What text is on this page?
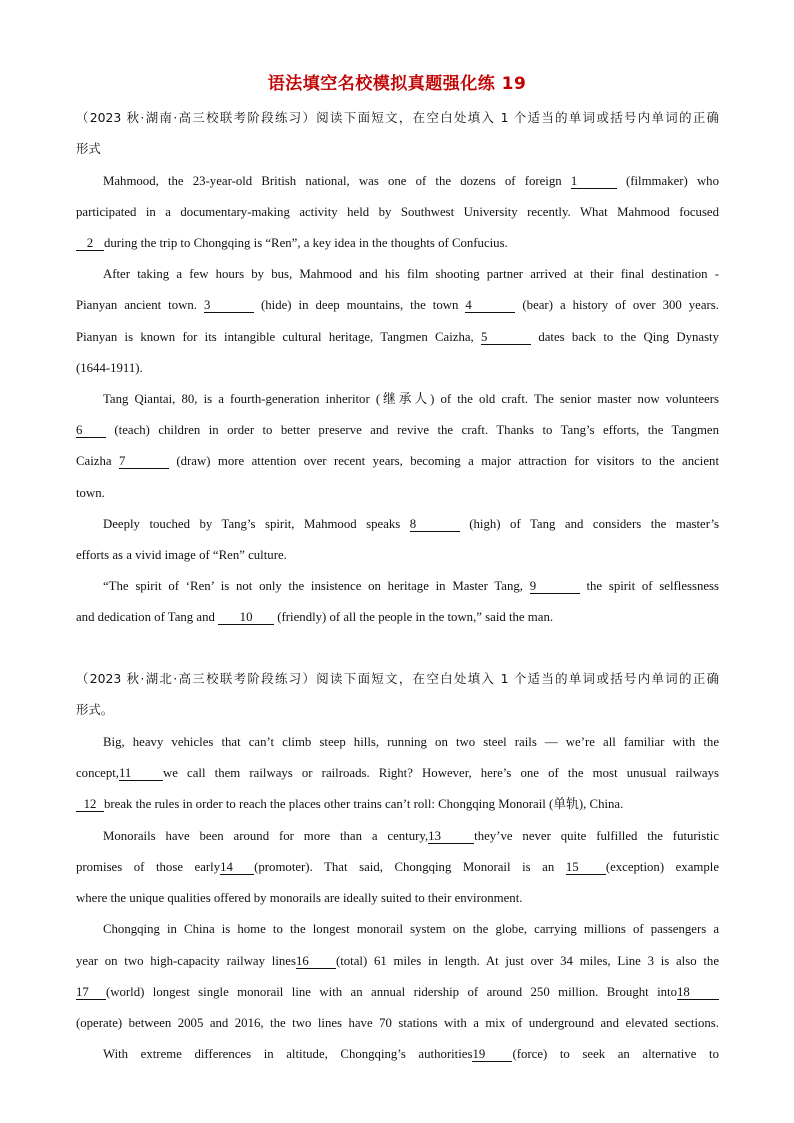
语法填空名校模拟真题强化练 19
（2023 秋·湖南·高三校联考阶段练习）阅读下面短文，在空白处填入 1 个适当的单词或括号内单词的正确
形式
Mahmood, the 23-year-old British national, was one of the dozens of foreign 1	(filmmaker) who
participated in a documentary-making activity held by Southwest University recently. What Mahmood focused
2 during the trip to Chongqing is “Ren”, a key idea in the thoughts of Confucius.
After taking a few hours by bus, Mahmood and his film shooting partner arrived at their final destination -
Pianyan ancient town. 3	(hide) in deep mountains, the town 4	(bear) a history of over 300 years.
Pianyan is known for its intangible cultural heritage, Tangmen Caizha, 5	dates back to the Qing Dynasty
(1644-1911).
Tang Qiantai, 80, is a fourth-generation inheritor (继承人) of the old craft. The senior master now volunteers
6 (teach) children in order to better preserve and revive the craft. Thanks to Tang’s efforts, the Tangmen
Caizha 7	(draw) more attention over recent years, becoming a major attraction for visitors to the ancient
town.
Deeply touched by Tang’s spirit, Mahmood speaks 8	(high) of Tang and considers the master’s
efforts as a vivid image of “Ren” culture.
“The spirit of ‘Ren’ is not only the insistence on heritage in Master Tang, 9	the spirit of selflessness
and dedication of Tang and 10 (friendly) of all the people in the town,” said the man.
（2023 秋·湖北·高三校联考阶段练习）阅读下面短文，在空白处填入 1 个适当的单词或括号内单词的正确
形式。
Big, heavy vehicles that can’t climb steep hills, running on two steel rails — we’re all familiar with the
concept,11 we call them railways or railroads. Right? However, here’s one of the most unusual railways
12 break the rules in order to reach the places other trains can’t roll: Chongqing Monorail (单轨), China.
Monorails have been around for more than a century,13	they’ve never quite fulfilled the futuristic
promises of those early14 (promoter). That said, Chongqing Monorail is an 15 (exception) example
where the unique qualities offered by monorails are ideally suited to their environment.
Chongqing in China is home to the longest monorail system on the globe, carrying millions of passengers a
year on two high-capacity railway lines16 (total) 61 miles in length. At just over 34 miles, Line 3 is also the
17 (world) longest single monorail line with an annual ridership of around 250 million. Brought into18
(operate) between 2005 and 2016, the two lines have 70 stations with a mix of underground and elevated sections.
With extreme differences in altitude, Chongqing’s authorities19 (force) to seek an alternative to
